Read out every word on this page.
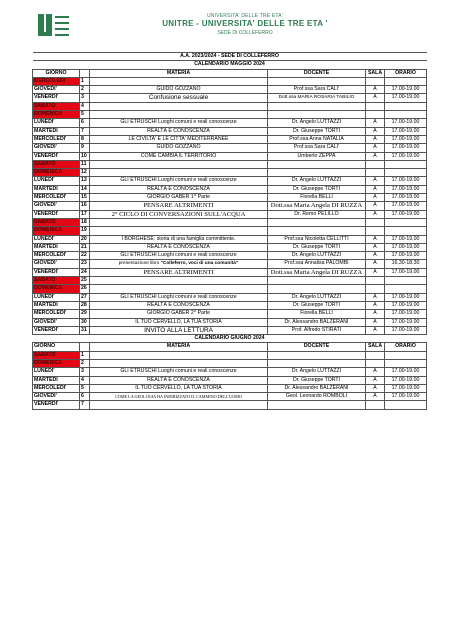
UNIVERSITA' DELLE TRE ETA'
UNITRE - UNIVERSITA' DELLE TRE ETA '
SEDE DI COLLEFERRO
A.A. 2023/2024 - SEDE DI COLLEFERRO					
CALENDARIO MAGGIO 2024					
GIORNO		MATERIA	DOCENTE	SALA	ORARIO
MERCOLEDI'	1				
GIOVEDI'	2	GUIDO GOZZANO	Prof.ssa Sara CALI'	A	17.00-19.00
VENERDI'	3	Confusione sessuale	Dott.ssa MARIA ROSARIA TABILIO	A	17.00-19.00
SABATO	4				
DOMENICA	5				
LUNEDI'	6	GLI ETRUSCHI Luoghi comuni e reali conoscenze	Dr. Angelo LUTTAZZI	A	17.00-19.00
MARTEDI	7	REALTÀ E CONOSCENZA	Dr. Giuseppe TORTI	A	17.00-19.00
MERCOLEDI'	8	LE CIVILTA' E LE CITTA' MEDITERRANEE	Prof.ssa Anna NATALIA	A	17.00-19.00
GIOVEDI'	9	GUIDO GOZZANO	Prof.ssa Sara CALI'	A	17.00-19.00
VENERDI'	10	COME CAMBIA IL TERRITORIO	Umberto ZEPPA	A	17.00-19.00
SABATO	11				
DOMENICA	12				
LUNEDI'	13	GLI ETRUSCHI Luoghi comuni e reali conoscenze	Dr. Angelo LUTTAZZI	A	17.00-19.00
MARTEDI	14	REALTÀ E CONOSCENZA	Dr. Giuseppe TORTI	A	17.00-19.00
MERCOLEDI'	15	GIORGIO GABER 1^ Parte	Fiorella BELLI	A	17.00-19.00
GIOVEDI'	16	PENSARE ALTRIMENTI	Dott.ssa Maria Angela DI RUZZA	A	17.00-19.00
VENERDI'	17	2° CICLO DI CONVERSAZIONI SULL'ACQUA	Dr. Remo PELILLO	A	17.00-19.00
SABATO	18				
DOMENICA	19				
LUNEDI'	20	I BORGHESE: storia di una famiglia committente.	Prof.ssa Nicoletta CELLITTI	A	17.00-19.00
MARTEDI	21	REALTÀ E CONOSCENZA	Dr. Giuseppe TORTI	A	17.00-19.00
MERCOLEDI'	22	GLI ETRUSCHI Luoghi comuni e reali conoscenze	Dr. Angelo LUTTAZZI	A	17.00-19.00
GIOVEDI'	23	presentazione libro "Colleferro, voci di una comunità"	Prof.ssa Annalisa PALOMBI	A	16.30-18.30
VENERDI'	24	PENSARE ALTRIMENTI	Dott.ssa Maria Angela DI RUZZA	A	17.00-19.00
SABATO	25				
DOMENICA	26				
LUNEDI'	27	GLI ETRUSCHI Luoghi comuni e reali conoscenze	Dr. Angelo LUTTAZZI	A	17.00-19.00
MARTEDI	28	REALTÀ E CONOSCENZA	Dr. Giuseppe TORTI	A	17.00-19.00
MERCOLEDI'	29	GIORGIO GABER 2^ Parte	Fiorella BELLI	A	17.00-19.00
GIOVEDI'	30	IL TUO CERVELLO, LA TUA STORIA	Dr. Alessandro BALZERANI	A	17.00-19.00
VENERDI'	31	INVITO ALLA LETTURA	Prof. Alfredo STIRATI	A	17.00-19.00
CALENDARIO GIUGNO 2024					
GIORNO		MATERIA	DOCENTE	SALA	ORARIO
SABATO	1				
DOMENICA	2				
LUNEDI'	3	GLI ETRUSCHI Luoghi comuni e reali conoscenze	Dr. Angelo LUTTAZZI	A	17.00-19.00
MARTEDI	4	REALTÀ E CONOSCENZA	Dr. Giuseppe TORTI	A	17.00-19.00
MERCOLEDI'	5	IL TUO CERVELLO, LA TUA STORIA	Dr. Alessandro BALZERANI	A	17.00-19.00
GIOVEDI'	6	COME LA GEOLOGIA HA INDIRIZZATO IL CAMMINO DELL'UOMO	Geol. Leonardo ROMBOLI	A	17.00-19.00
VENERDI'	7				
